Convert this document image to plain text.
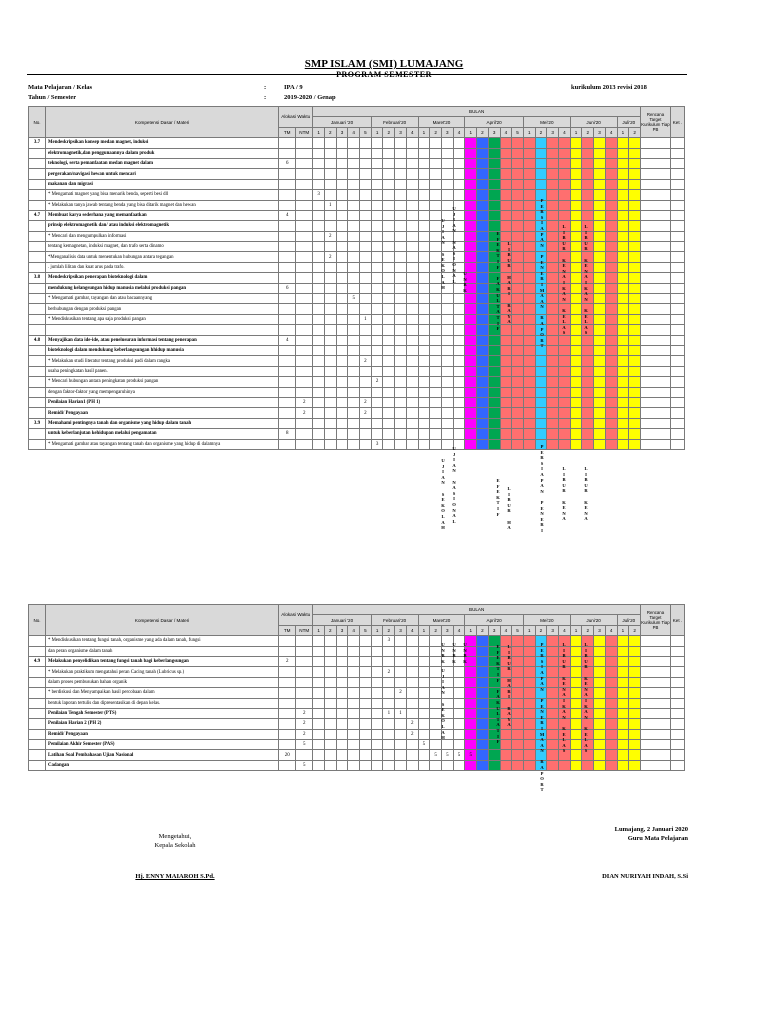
SMP ISLAM (SMI) LUMAJANG
Mata Pelajaran / Kelas	:	IPA / 9	kurikulum 2013 revisi 2018
Tahun / Semester	:	2019-2020 / Genap
No.	Kompetensi Dasar / Materi	Alokasi Waktu		BULAN																												Rencana Target Kurikulum Tiap PB	Ket .
				Januari '20					Februari'20				Maret'20				April'20					Mei'20				Juni'20				Juli'20			
		TM	NTM	1	2	3	4	5	1	2	3	4	1	2	3	4	1	2	3	4	5	1	2	3	4	1	2	3	4	1	2		
3.7	Mendeskripsikan konsep medan magnet, induksi																																
	elektromagnetik,dan penggunaannya dalam produk																																
	teknologi, serta pemanfaatan medan magnet dalam	6																															
	pergerakan/navigasi hewan untuk mencari																																
	makanan dan migrasi																																
	* Mengamati magnet yang bisa menarik benda, seperti besi dll			3																													
	* Melakukan tanya jawab tentang benda yang bisa ditarik magnet dan hewan				1																												
4.7	Membuat karya sederhana yang memanfaatkan	4																															
	prinsip elektromagnetik dan/ atau induksi elektromagnetik																																
	* Mencari dan mengumpulkan informasi				2																												
	tentang kemagnetan, induksi magnet, dan trafo serta dinamo																																
	*Menganalisis data untuk menentukan hubungan antara tegangan				2																												
	. jumlah lilitan dan kuat arus pada trafo.																																
3.8	Mendeskripsikan penerapan bioteknologi dalam																																
	mendukung kelangsungan hidup manusia melalui produksi pangan	6																															
	* Mengamati gambar, tayangan dan atau bacaannyang						5																										
	berhubungan dengan produksi pangan																																
	* Mendiskusikan tentang apa saja produksi pangan							1																									

4.8	Menyajikan data ide-ide, atau penelusuran informasi tentang penerapan	4																															
	bioteknologi dalam mendukung keberlangsungan hhidup manusia																																
	* Melakukan studi literatur tentang produksi padi dalam rangka							2																									
	usaha peningkatan hasil panen.																																
	* Mencari hubungan antara peningkatan produksi pangan								2																								
	dengan faktor-faktor yang mempengaruhinya																																
	Penilaian Harian1 (PH 1)		2					2																									
	Remidi/ Pengayaan		2					2																									
3.9	Memahami pentingnya tanah dan organisme yang hidup dalam tanah																																
	untuk keberlanjutan kehidupan melalui pengamatan	8																															
	* Mengamati gambar atau tayangan tentang tanah dan organisme yang hidup di dalamnya								3																								
U
J
I
A
N

S
E
K
O
L
A
H
U
J
I
A
N

N
A
S
I
O
N
A
L
U
N
B
K
E
F
E
K
T
I
F

F
A
K
U
L
T
A
T
I
F
L
I
B
U
R

H
A
R
I

R
A
Y
A
P
E
R
S
I
A
P
A
N

P
E
N
E
R
I
M
A
A
N

R
A
P
O
R
T
L
I
B
U
R

K
E
N
A
I
K
A
N

K
E
L
A
S
L
I
B
U
R

K
E
N
A
I
K
A
N

K
E
L
A
S
U
J
I
A
N

S
E
K
O
L
A
H
U
J
I
A
N

N
A
S
I
O
N
A
L
E
F
E
K
T
I
F

L
I
B
U
R

H
A
P
E
R
S
I
A
P
A
N

P
E
N
E
R
I
L
I
B
U
R

K
E
N
A
L
I
B
U
R

K
E
N
A
No.	Kompetensi Dasar / Materi	Alokasi Waktu		BULAN																												Rencana Target Kurikulum Tiap PB	Ket .
				Januari '20					Februari'20				Maret'20				April'20					Mei'20				Juni'20				Juli'20			
		TM	NTM	1	2	3	4	5	1	2	3	4	1	2	3	4	1	2	3	4	5	1	2	3	4	1	2	3	4	1	2		
	* Mendiskusikan tentang fungsi tanah, organisme yang ada dalam tanah, fungsi									3																							
	dan peran organisme dalam tanah																																
4.9	Melakukan penyelidikan tentang fungsi tanah bagi keberlangsungan	2																															
	* Melakukan praktikum mengatahui peran Cacing tanah (Lubricus sp.)									2																							
	dalam proses pembusukan bahan organik																																
	* berdiskusi dan Menyampaikan hasil percobaan dalam										2																						
	bentuk laporan tertulis dan dipresentasikan di depan kelas.																																
	Penilaian Tengah Semester (PTS)		2							1	1																						
	Penilaian Harian 2 (PH 2)		2									2																					
	Remidi/ Pengayaan		2									2																					
	Pemilaian Akhir Semester (PAS)		5										5																				
	Latihan Soal Pembahasan Ujian Nasional	20												5	5	5	5																
	Cadangan		5																														
U
N
B
K
U
N
B
K
U
N
B
K
U
J
I
A
N

S
E
K
O
L
A
H
E
F
E
K
T
I
F

F
A
K
U
L
T
A
T
I
F
L
I
B
U
R

H
A
R
I

R
A
Y
A
P
E
R
S
I
A
P
A
N

P
E
N
E
R
I
M
A
A
N

R
A
P
O
R
T
L
I
B
U
R

K
E
N
A
I
K
A
N

K
E
L
A
S
L
I
B
U
R

K
E
N
A
I
K
A
N

K
E
L
A
S
Mengetahui,
Kepala Sekolah
Hj. ENNY MAIAROH S.Pd.
Lumajang, 2 Januari 2020
Guru Mata Pelajaran
DIAN NURIYAH INDAH, S.Si
